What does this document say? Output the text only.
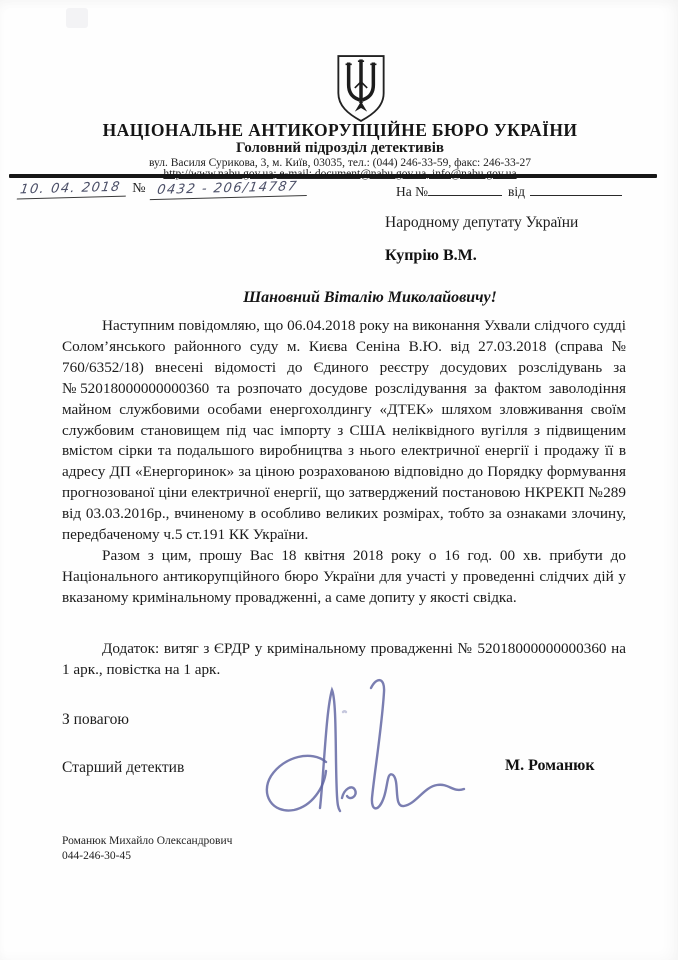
НАЦІОНАЛЬНЕ АНТИКОРУПЦІЙНЕ БЮРО УКРАЇНИ
Головний підрозділ детективів
вул. Василя Сурикова, 3, м. Київ, 03035, тел.: (044) 246-33-59, факс: 246-33-27
10. 04. 2018 № 0432 - 206/14787	На №	від
Народному депутату України
Купрію В.М.
Шановний Віталію Миколайовичу!

Наступним повідомляю, що 06.04.2018 року на виконання Ухвали слідчого судді Солом’янського районного суду м. Києва Сеніна В.Ю. від 27.03.2018 (справа № 760/6352/18) внесені відомості до Єдиного реєстру досудових розслідувань за №52018000000000360 та розпочато досудове розслідування за фактом заволодіння майном службовими особами енергохолдингу «ДТЕК» шляхом зловживання своїм службовим становищем під час імпорту з США неліквідного вугілля з підвищеним вмістом сірки та подальшого виробництва з нього електричної енергії і продажу її в адресу ДП «Енергоринок» за ціною розрахованою відповідно до Порядку формування прогнозованої ціни електричної енергії, що затверджений постановою НКРЕКП №289 від 03.03.2016р., вчиненому в особливо великих розмірах, тобто за ознаками злочину, передбаченому ч.5 ст.191 КК України.

Разом з цим, прошу Вас 18 квітня 2018 року о 16 год. 00 хв. прибути до Національного антикорупційного бюро України для участі у проведенні слідчих дій у вказаному кримінальному провадженні, а саме допиту у якості свідка.

Додаток: витяг з ЄРДР у кримінальному провадженні № 52018000000000360 на 1 арк., повістка на 1 арк.

З повагою
Старший детектив	М. Романюк
Романюк Михайло Олександрович
044-246-30-45
